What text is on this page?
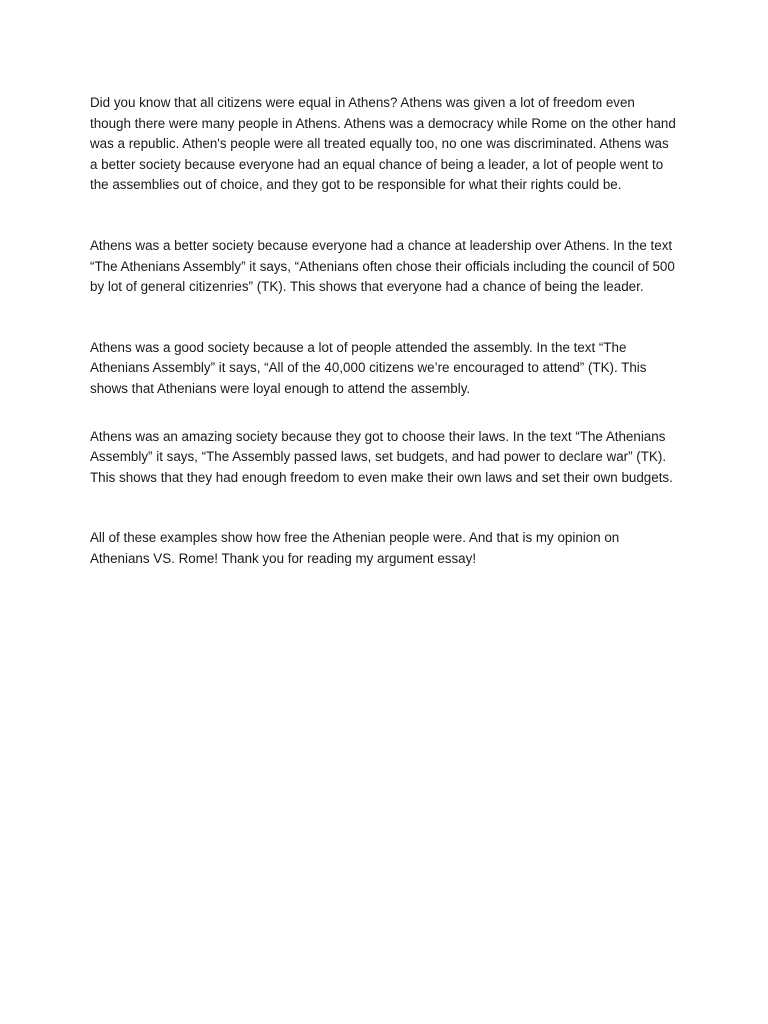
Did you know that all citizens were equal in Athens? Athens was given a lot of freedom even though there were many people in Athens. Athens was a democracy while Rome on the other hand was a republic. Athen's people were all treated equally too, no one was discriminated. Athens was a better society because everyone had an equal chance of being a leader, a lot of people went to the assemblies out of choice, and they got to be responsible for what their rights could be.

Athens was a better society because everyone had a chance at leadership over Athens. In the text “The Athenians Assembly” it says, “Athenians often chose their officials including the council of 500 by lot of general citizenries” (TK). This shows that everyone had a chance of being the leader.

Athens was a good society because a lot of people attended the assembly. In the text “The Athenians Assembly” it says, “All of the 40,000 citizens we’re encouraged to attend” (TK). This shows that Athenians were loyal enough to attend the assembly.

Athens was an amazing society because they got to choose their laws. In the text “The Athenians Assembly” it says, “The Assembly passed laws, set budgets, and had power to declare war” (TK). This shows that they had enough freedom to even make their own laws and set their own budgets.

All of these examples show how free the Athenian people were. And that is my opinion on Athenians VS. Rome! Thank you for reading my argument essay!
